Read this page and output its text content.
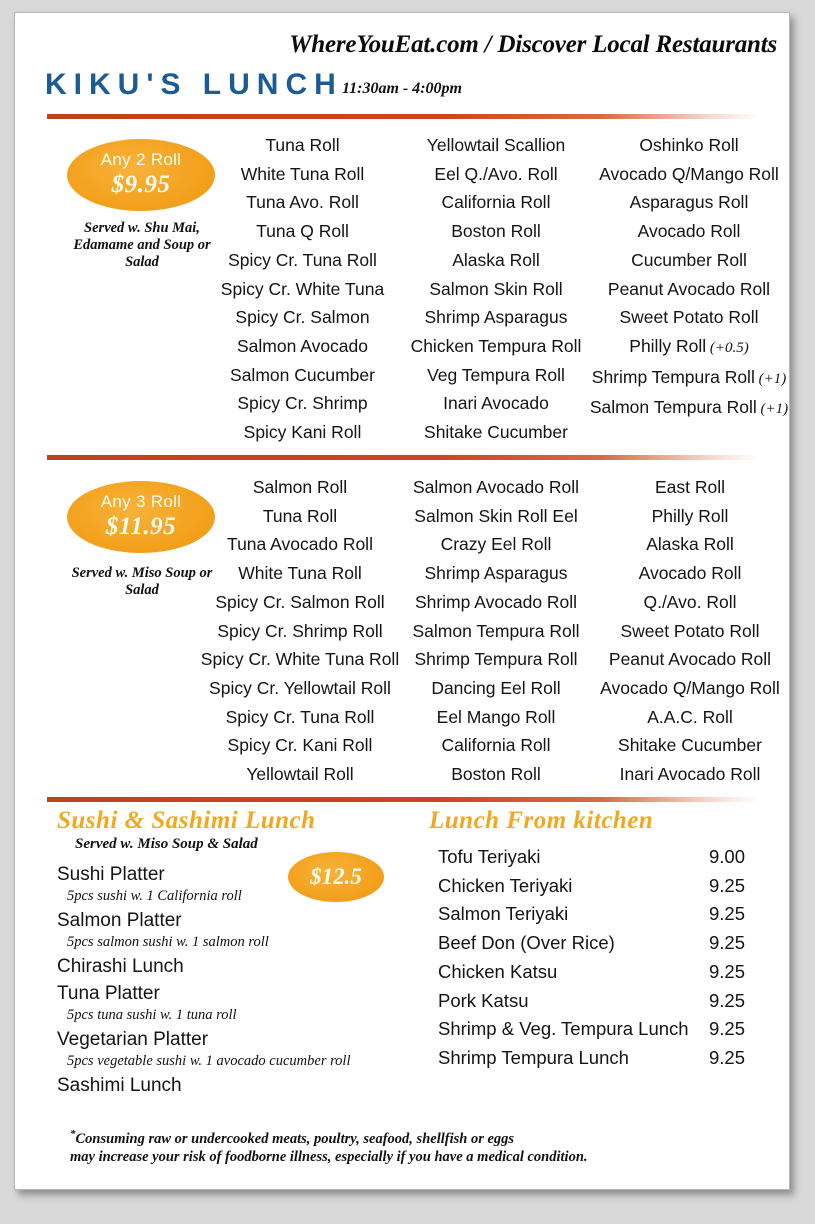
WhereYouEat.com / Discover Local Restaurants
KIKU'S LUNCH 11:30am - 4:00pm
Any 2 Roll
$9.95
Served w. Shu Mai, Edamame and Soup or Salad
Tuna Roll
White Tuna Roll
Tuna Avo. Roll
Tuna Q Roll
Spicy Cr. Tuna Roll
Spicy Cr. White Tuna
Spicy Cr. Salmon
Salmon Avocado
Salmon Cucumber
Spicy Cr. Shrimp
Spicy Kani Roll
Yellowtail Scallion
Eel Q./Avo. Roll
California Roll
Boston Roll
Alaska Roll
Salmon Skin Roll
Shrimp Asparagus
Chicken Tempura Roll
Veg Tempura Roll
Inari Avocado
Shitake Cucumber
Oshinko Roll
Avocado Q/Mango Roll
Asparagus Roll
Avocado Roll
Cucumber Roll
Peanut Avocado Roll
Sweet Potato Roll
Philly Roll (+0.5)
Shrimp Tempura Roll (+1)
Salmon Tempura Roll (+1)
Any 3 Roll
$11.95
Served w. Miso Soup or Salad
Salmon Roll
Tuna Roll
Tuna Avocado Roll
White Tuna Roll
Spicy Cr. Salmon Roll
Spicy Cr. Shrimp Roll
Spicy Cr. White Tuna Roll
Spicy Cr. Yellowtail Roll
Spicy Cr. Tuna Roll
Spicy Cr. Kani Roll
Yellowtail Roll
Salmon Avocado Roll
Salmon Skin Roll Eel
Crazy Eel Roll
Shrimp Asparagus
Shrimp Avocado Roll
Salmon Tempura Roll
Shrimp Tempura Roll
Dancing Eel Roll
Eel Mango Roll
California Roll
Boston Roll
East Roll
Philly Roll
Alaska Roll
Avocado Roll
Q./Avo. Roll
Sweet Potato Roll
Peanut Avocado Roll
Avocado Q/Mango Roll
A.A.C. Roll
Shitake Cucumber
Inari Avocado Roll
Sushi & Sashimi Lunch
Served w. Miso Soup & Salad
$12.5
Sushi Platter
5pcs sushi w. 1 California roll
Salmon Platter
5pcs salmon sushi w. 1 salmon roll
Chirashi Lunch
Tuna Platter
5pcs tuna sushi w. 1 tuna roll
Vegetarian Platter
5pcs vegetable sushi w. 1 avocado cucumber roll
Sashimi Lunch
Lunch From kitchen
Tofu Teriyaki	9.00
Chicken Teriyaki	9.25
Salmon Teriyaki	9.25
Beef Don (Over Rice)	9.25
Chicken Katsu	9.25
Pork Katsu	9.25
Shrimp & Veg. Tempura Lunch 9.25
Shrimp Tempura Lunch	9.25
*Consuming raw or undercooked meats, poultry, seafood, shellfish or eggs
may increase your risk of foodborne illness, especially if you have a medical condition.
